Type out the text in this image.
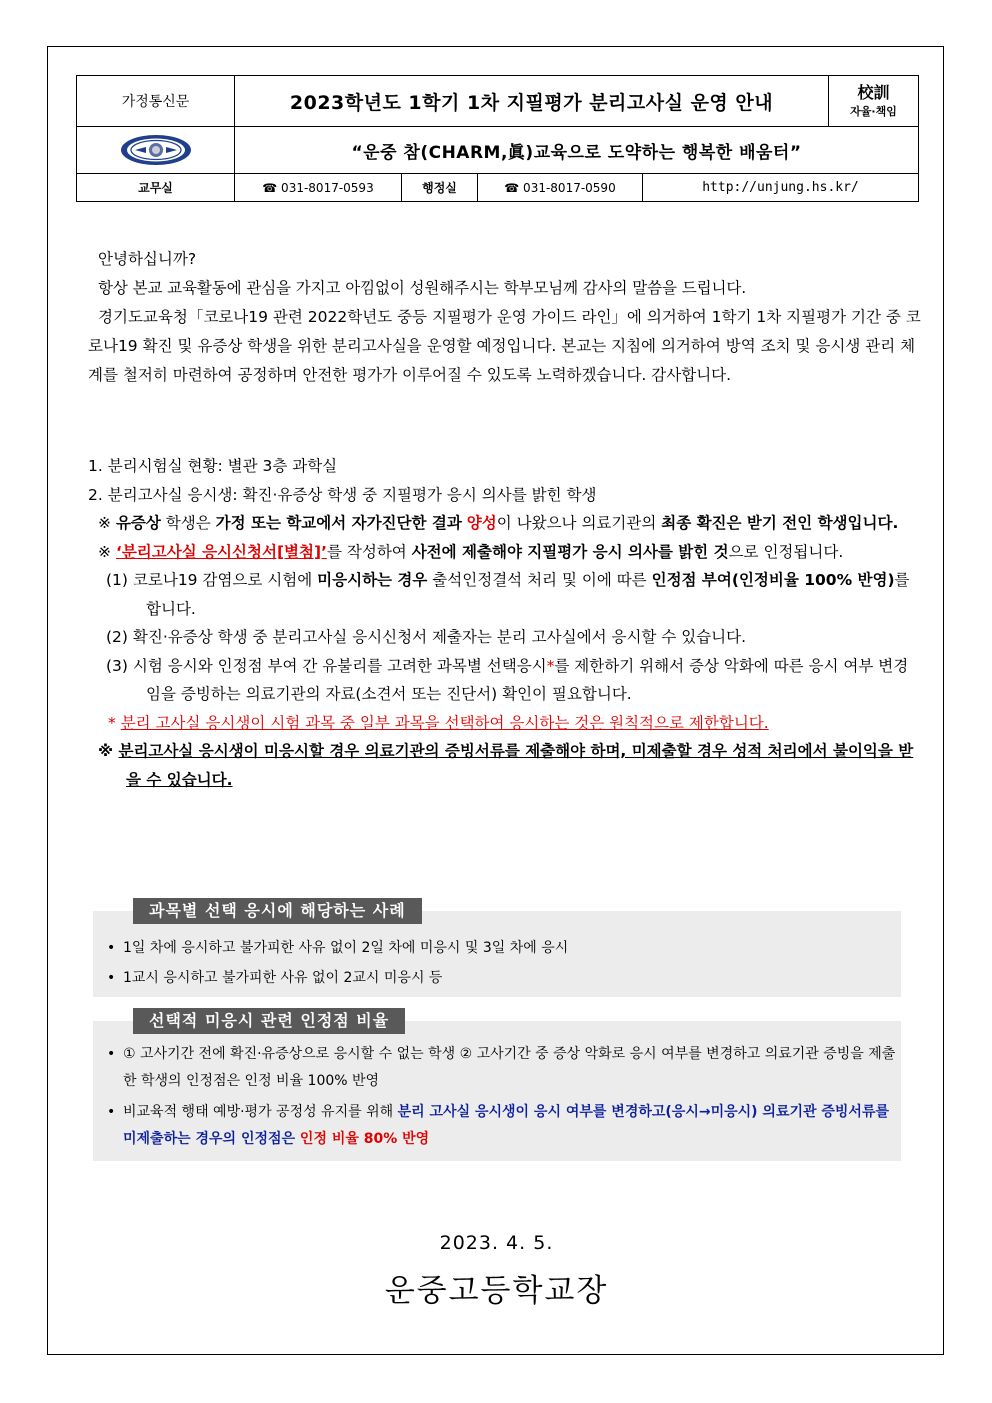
가정통신문	2023학년도 1학기 1차 지필평가 분리고사실 운영 안내				校訓
자율·책임

	“운중 참(CHARM,眞)교육으로 도약하는 행복한 배움터”				
교무실	☎ 031-8017-0593	행정실	☎ 031-8017-0590	http://unjung.hs.kr/	

안녕하십니까?

항상 본교 교육활동에 관심을 가지고 아낌없이 성원해주시는 학부모님께 감사의 말씀을 드립니다.

경기도교육청「코로나19 관련 2022학년도 중등 지필평가 운영 가이드 라인」에 의거하여 1학기 1차 지필평가 기간 중 코로나19 확진 및 유증상 학생을 위한 분리고사실을 운영할 예정입니다. 본교는 지침에 의거하여 방역 조치 및 응시생 관리 체계를 철저히 마련하여 공정하며 안전한 평가가 이루어질 수 있도록 노력하겠습니다. 감사합니다.

1. 분리시험실 현황: 별관 3층 과학실

2. 분리고사실 응시생: 확진·유증상 학생 중 지필평가 응시 의사를 밝힌 학생

※ 유증상 학생은 가정 또는 학교에서 자가진단한 결과 양성이 나왔으나 의료기관의 최종 확진은 받기 전인 학생입니다.

※ ‘분리고사실 응시신청서[별첨]’를 작성하여 사전에 제출해야 지필평가 응시 의사를 밝힌 것으로 인정됩니다.

(1) 코로나19 감염으로 시험에 미응시하는 경우 출석인정결석 처리 및 이에 따른 인정점 부여(인정비율 100% 반영)를 합니다.

(2) 확진·유증상 학생 중 분리고사실 응시신청서 제출자는 분리 고사실에서 응시할 수 있습니다.

(3) 시험 응시와 인정점 부여 간 유불리를 고려한 과목별 선택응시*를 제한하기 위해서 증상 악화에 따른 응시 여부 변경임을 증빙하는 의료기관의 자료(소견서 또는 진단서) 확인이 필요합니다.

* 분리 고사실 응시생이 시험 과목 중 일부 과목을 선택하여 응시하는 것은 원칙적으로 제한합니다.

※ 분리고사실 응시생이 미응시할 경우 의료기관의 증빙서류를 제출해야 하며, 미제출할 경우 성적 처리에서 불이익을 받을 수 있습니다.

과목별 선택 응시에 해당하는 사례
• 1일 차에 응시하고 불가피한 사유 없이 2일 차에 미응시 및 3일 차에 응시
• 1교시 응시하고 불가피한 사유 없이 2교시 미응시 등
선택적 미응시 관련 인정점 비율
• ① 고사기간 전에 확진·유증상으로 응시할 수 없는 학생 ② 고사기간 중 증상 악화로 응시 여부를 변경하고 의료기관 증빙을 제출한 학생의 인정점은 인정 비율 100% 반영
• 비교육적 행태 예방·평가 공정성 유지를 위해 분리 고사실 응시생이 응시 여부를 변경하고(응시→미응시) 의료기관 증빙서류를 미제출하는 경우의 인정점은 인정 비율 80% 반영
2023. 4. 5.
운중고등학교장
